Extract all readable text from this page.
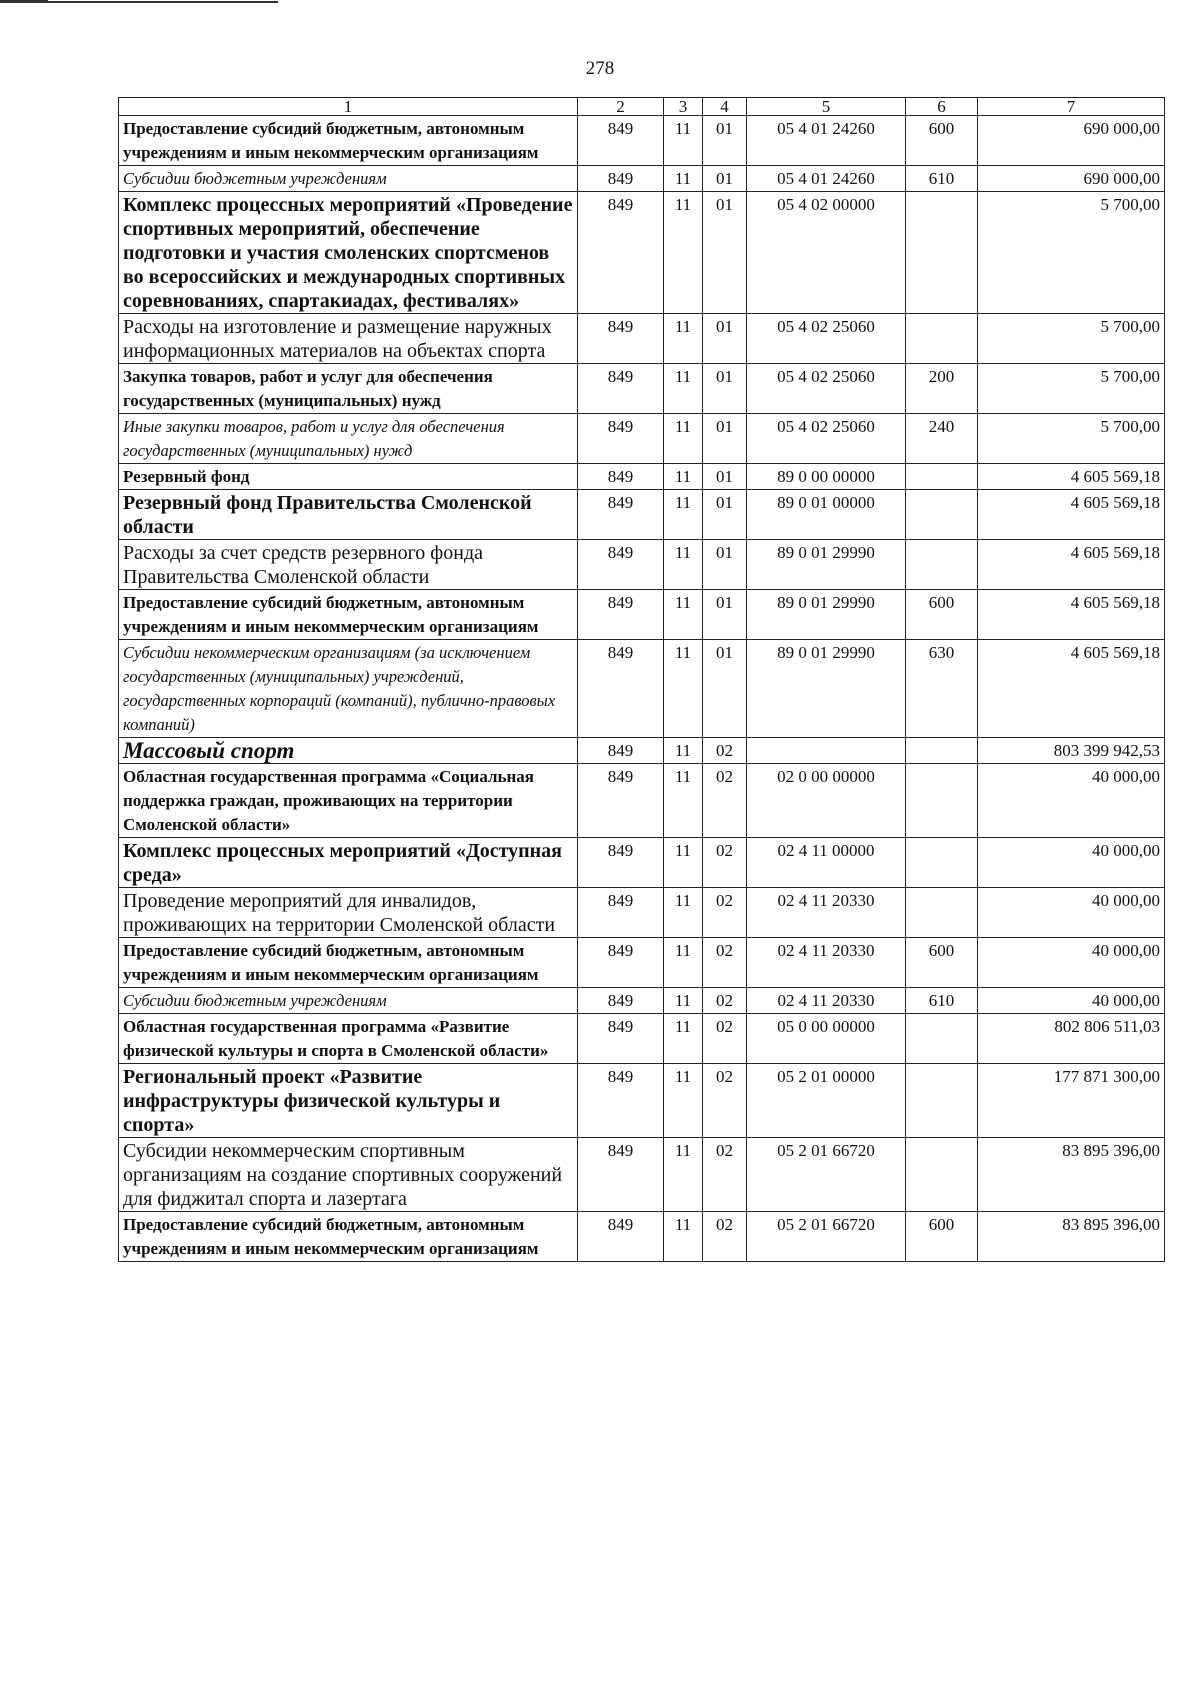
278
1	2	3	4	5	6	7
Предоставление субсидий бюджетным, автономным учреждениям и иным некоммерческим организациям	849	11	01	05 4 01 24260	600	690 000,00
Субсидии бюджетным учреждениям	849	11	01	05 4 01 24260	610	690 000,00
Комплекс процессных мероприятий «Проведение спортивных мероприятий, обеспечение подготовки и участия смоленских спортсменов во всероссийских и международных спортивных соревнованиях, спартакиадах, фестивалях»	849	11	01	05 4 02 00000		5 700,00
Расходы на изготовление и размещение наружных информационных материалов на объектах спорта	849	11	01	05 4 02 25060		5 700,00
Закупка товаров, работ и услуг для обеспечения государственных (муниципальных) нужд	849	11	01	05 4 02 25060	200	5 700,00
Иные закупки товаров, работ и услуг для обеспечения государственных (муниципальных) нужд	849	11	01	05 4 02 25060	240	5 700,00
Резервный фонд	849	11	01	89 0 00 00000		4 605 569,18
Резервный фонд Правительства Смоленской области	849	11	01	89 0 01 00000		4 605 569,18
Расходы за счет средств резервного фонда Правительства Смоленской области	849	11	01	89 0 01 29990		4 605 569,18
Предоставление субсидий бюджетным, автономным учреждениям и иным некоммерческим организациям	849	11	01	89 0 01 29990	600	4 605 569,18
Субсидии некоммерческим организациям (за исключением государственных (муниципальных) учреждений, государственных корпораций (компаний), публично-правовых компаний)	849	11	01	89 0 01 29990	630	4 605 569,18
Массовый спорт	849	11	02			803 399 942,53
Областная государственная программа «Социальная поддержка граждан, проживающих на территории Смоленской области»	849	11	02	02 0 00 00000		40 000,00
Комплекс процессных мероприятий «Доступная среда»	849	11	02	02 4 11 00000		40 000,00
Проведение мероприятий для инвалидов, проживающих на территории Смоленской области	849	11	02	02 4 11 20330		40 000,00
Предоставление субсидий бюджетным, автономным учреждениям и иным некоммерческим организациям	849	11	02	02 4 11 20330	600	40 000,00
Субсидии бюджетным учреждениям	849	11	02	02 4 11 20330	610	40 000,00
Областная государственная программа «Развитие физической культуры и спорта в Смоленской области»	849	11	02	05 0 00 00000		802 806 511,03
Региональный проект «Развитие инфраструктуры физической культуры и спорта»	849	11	02	05 2 01 00000		177 871 300,00
Субсидии некоммерческим спортивным организациям на создание спортивных сооружений для фиджитал спорта и лазертага	849	11	02	05 2 01 66720		83 895 396,00
Предоставление субсидий бюджетным, автономным учреждениям и иным некоммерческим организациям	849	11	02	05 2 01 66720	600	83 895 396,00
